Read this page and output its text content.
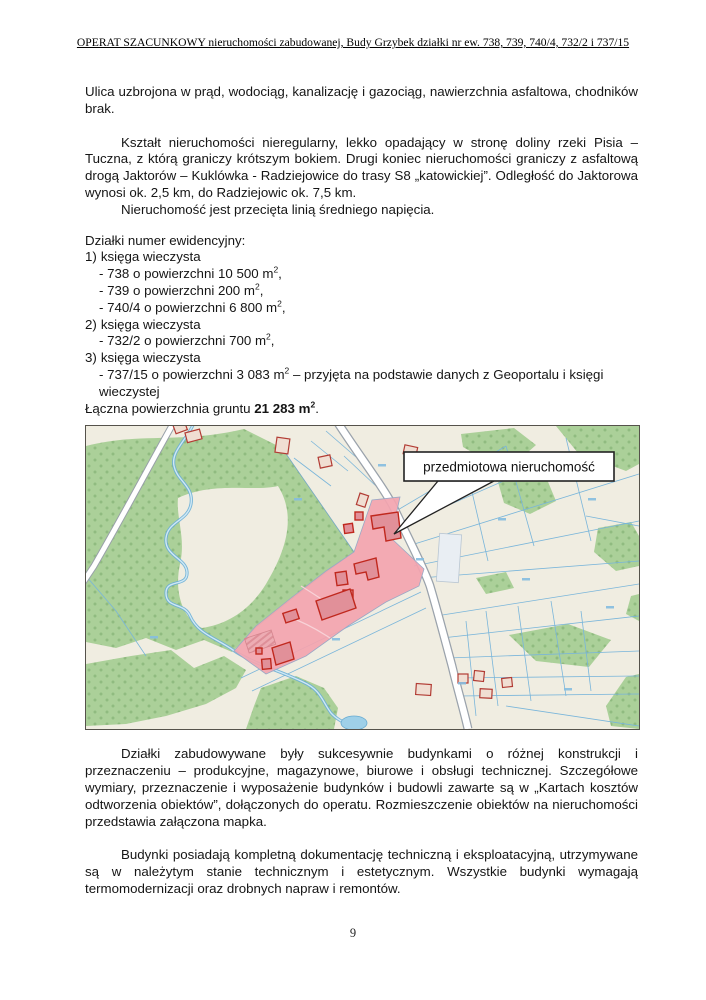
OPERAT SZACUNKOWY nieruchomości zabudowanej, Budy Grzybek działki nr ew. 738, 739, 740/4, 732/2 i 737/15

Ulica uzbrojona w prąd, wodociąg, kanalizację i gazociąg, nawierzchnia asfaltowa, chodników brak.

Kształt nieruchomości nieregularny, lekko opadający w stronę doliny rzeki Pisia – Tuczna, z którą graniczy krótszym bokiem. Drugi koniec nieruchomości graniczy z asfaltową drogą Jaktorów – Kuklówka - Radziejowice do trasy S8 „katowickiej”. Odległość do Jaktorowa wynosi ok. 2,5 km, do Radziejowic ok. 7,5 km.

Nieruchomość jest przecięta linią średniego napięcia.

Działki numer ewidencyjny:
1) księga wieczysta
- 738 o powierzchni 10 500 $m^2$,
- 739 o powierzchni 200 $m^2$,
- 740/4 o powierzchni 6 800 $m^2$,
2) księga wieczysta
- 732/2 o powierzchni 700 $m^2$,
3) księga wieczysta
- 737/15 o powierzchni 3 083 $m^2$ – przyjęta na podstawie danych z Geoportalu i księgi wieczystej
Łączna powierzchnia gruntu 21 283 $m^2$.
przedmiotowa nieruchomość

Działki zabudowywane były sukcesywnie budynkami o różnej konstrukcji i przeznaczeniu – produkcyjne, magazynowe, biurowe i obsługi technicznej. Szczegółowe wymiary, przeznaczenie i wyposażenie budynków i budowli zawarte są w „Kartach kosztów odtworzenia obiektów”, dołączonych do operatu. Rozmieszczenie obiektów na nieruchomości przedstawia załączona mapka.

Budynki posiadają kompletną dokumentację techniczną i eksploatacyjną, utrzymywane są w należytym stanie technicznym i estetycznym. Wszystkie budynki wymagają termomodernizacji oraz drobnych napraw i remontów.

9
